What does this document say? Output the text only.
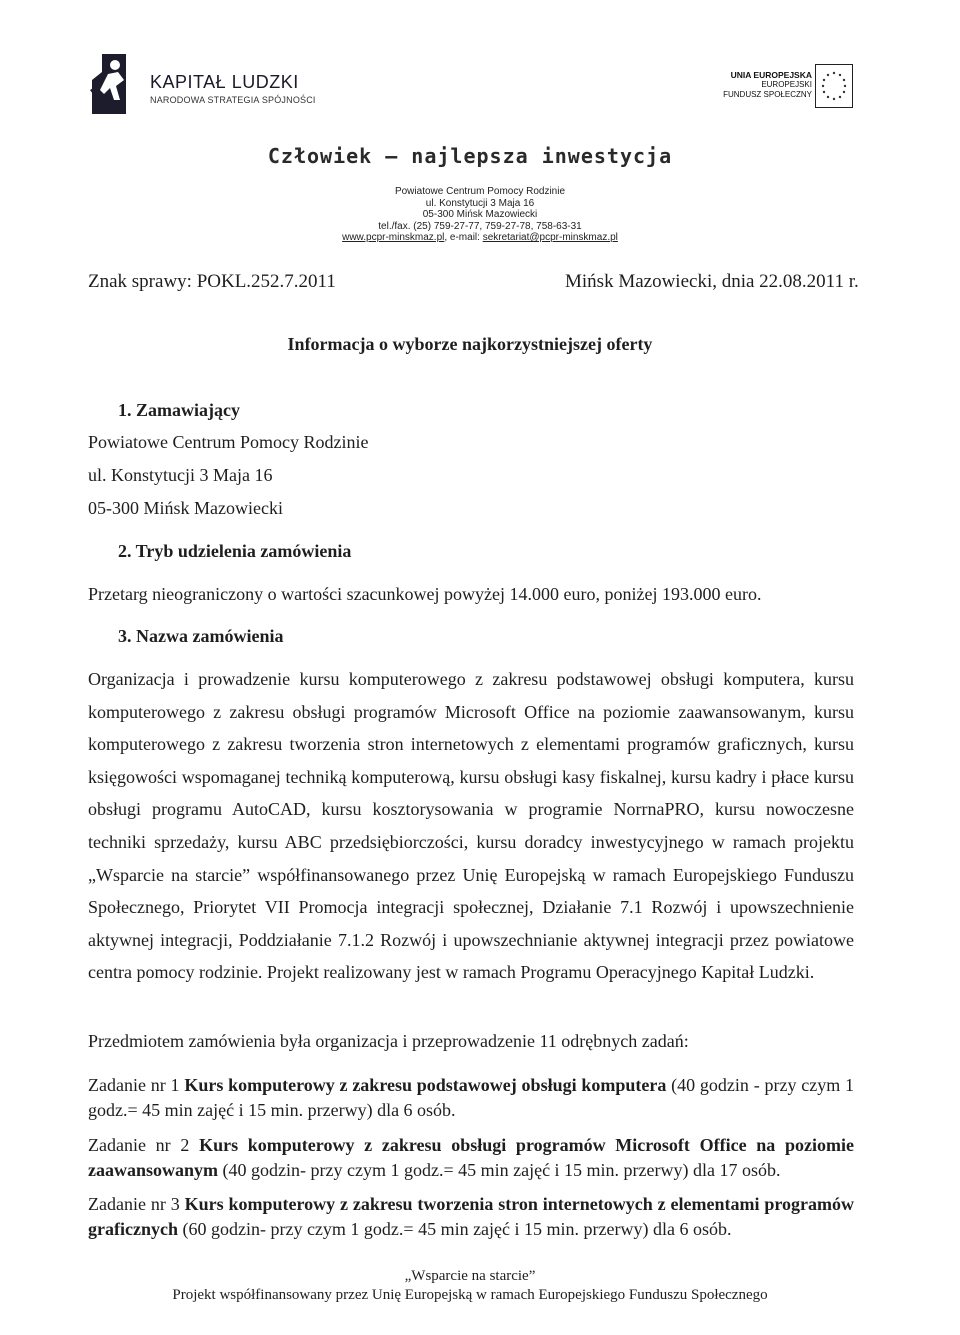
KAPITAŁ LUDZKI
NARODOWA STRATEGIA SPÓJNOŚCI
UNIA EUROPEJSKA
EUROPEJSKI
FUNDUSZ SPOŁECZNY
Człowiek – najlepsza inwestycja
Powiatowe Centrum Pomocy Rodzinie
ul. Konstytucji 3 Maja 16
05-300 Mińsk Mazowiecki
tel./fax. (25) 759-27-77, 759-27-78, 758-63-31
www.pcpr-minskmaz.pl, e-mail: sekretariat@pcpr-minskmaz.pl
Znak sprawy: POKL.252.7.2011	Mińsk Mazowiecki, dnia 22.08.2011 r.
Informacja o wyborze najkorzystniejszej oferty
1. Zamawiający
Powiatowe Centrum Pomocy Rodzinie
ul. Konstytucji 3 Maja 16
05-300 Mińsk Mazowiecki
2. Tryb udzielenia zamówienia
Przetarg nieograniczony o wartości szacunkowej powyżej 14.000 euro, poniżej 193.000 euro.
3. Nazwa zamówienia
Organizacja i prowadzenie kursu komputerowego z zakresu podstawowej obsługi komputera, kursu komputerowego z zakresu obsługi programów Microsoft Office na poziomie zaawansowanym, kursu komputerowego z zakresu tworzenia stron internetowych z elementami programów graficznych, kursu księgowości wspomaganej techniką komputerową, kursu obsługi kasy fiskalnej, kursu kadry i płace kursu obsługi programu AutoCAD, kursu kosztorysowania w programie NorrnaPRO, kursu nowoczesne techniki sprzedaży, kursu ABC przedsiębiorczości, kursu doradcy inwestycyjnego w ramach projektu „Wsparcie na starcie” współfinansowanego przez Unię Europejską w ramach Europejskiego Funduszu Społecznego, Priorytet VII Promocja integracji społecznej, Działanie 7.1 Rozwój i upowszechnienie aktywnej integracji, Poddziałanie 7.1.2 Rozwój i upowszechnianie aktywnej integracji przez powiatowe centra pomocy rodzinie. Projekt realizowany jest w ramach Programu Operacyjnego Kapitał Ludzki.
Przedmiotem zamówienia była organizacja i przeprowadzenie 11 odrębnych zadań:
Zadanie nr 1 Kurs komputerowy z zakresu podstawowej obsługi komputera (40 godzin - przy czym 1 godz.= 45 min zajęć i 15 min. przerwy) dla 6 osób.
Zadanie nr 2 Kurs komputerowy z zakresu obsługi programów Microsoft Office na poziomie zaawansowanym (40 godzin- przy czym 1 godz.= 45 min zajęć i 15 min. przerwy) dla 17 osób.
Zadanie nr 3 Kurs komputerowy z zakresu tworzenia stron internetowych z elementami programów graficznych (60 godzin- przy czym 1 godz.= 45 min zajęć i 15 min. przerwy) dla 6 osób.
„Wsparcie na starcie”
Projekt współfinansowany przez Unię Europejską w ramach Europejskiego Funduszu Społecznego
